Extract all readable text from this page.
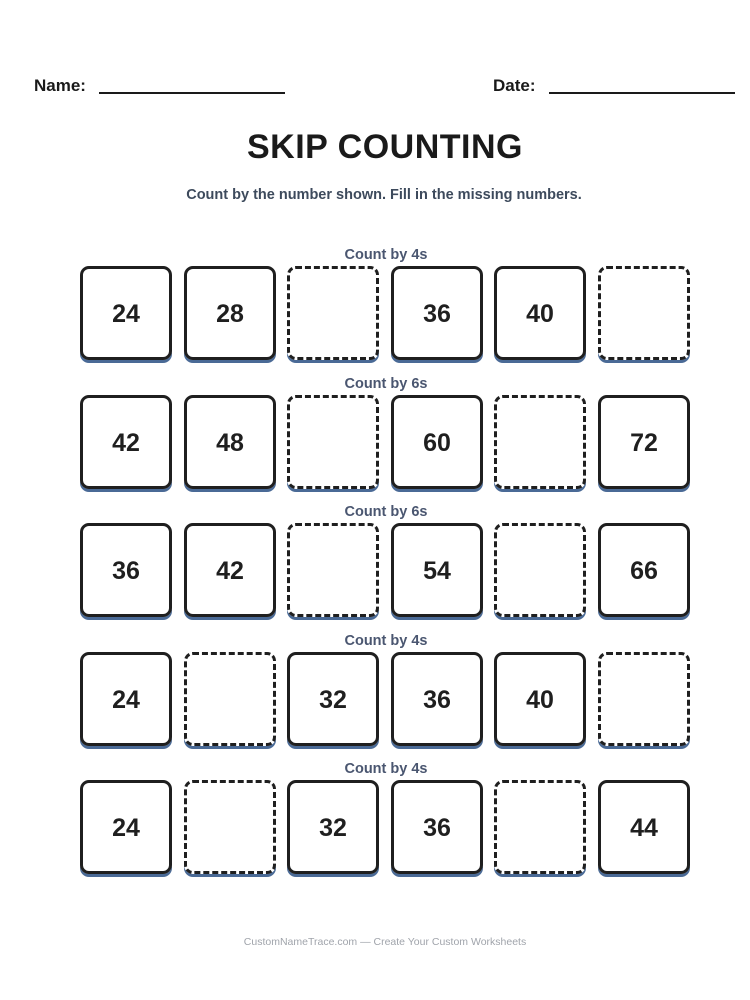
Name:	Date:
SKIP COUNTING
Count by the number shown. Fill in the missing numbers.
Count by 4s
24	28	36	40
Count by 6s
42	48	60	72
Count by 6s
36	42	54	66
Count by 4s
24	32	36	40
Count by 4s
24	32	36	44
CustomNameTrace.com — Create Your Custom Worksheets
